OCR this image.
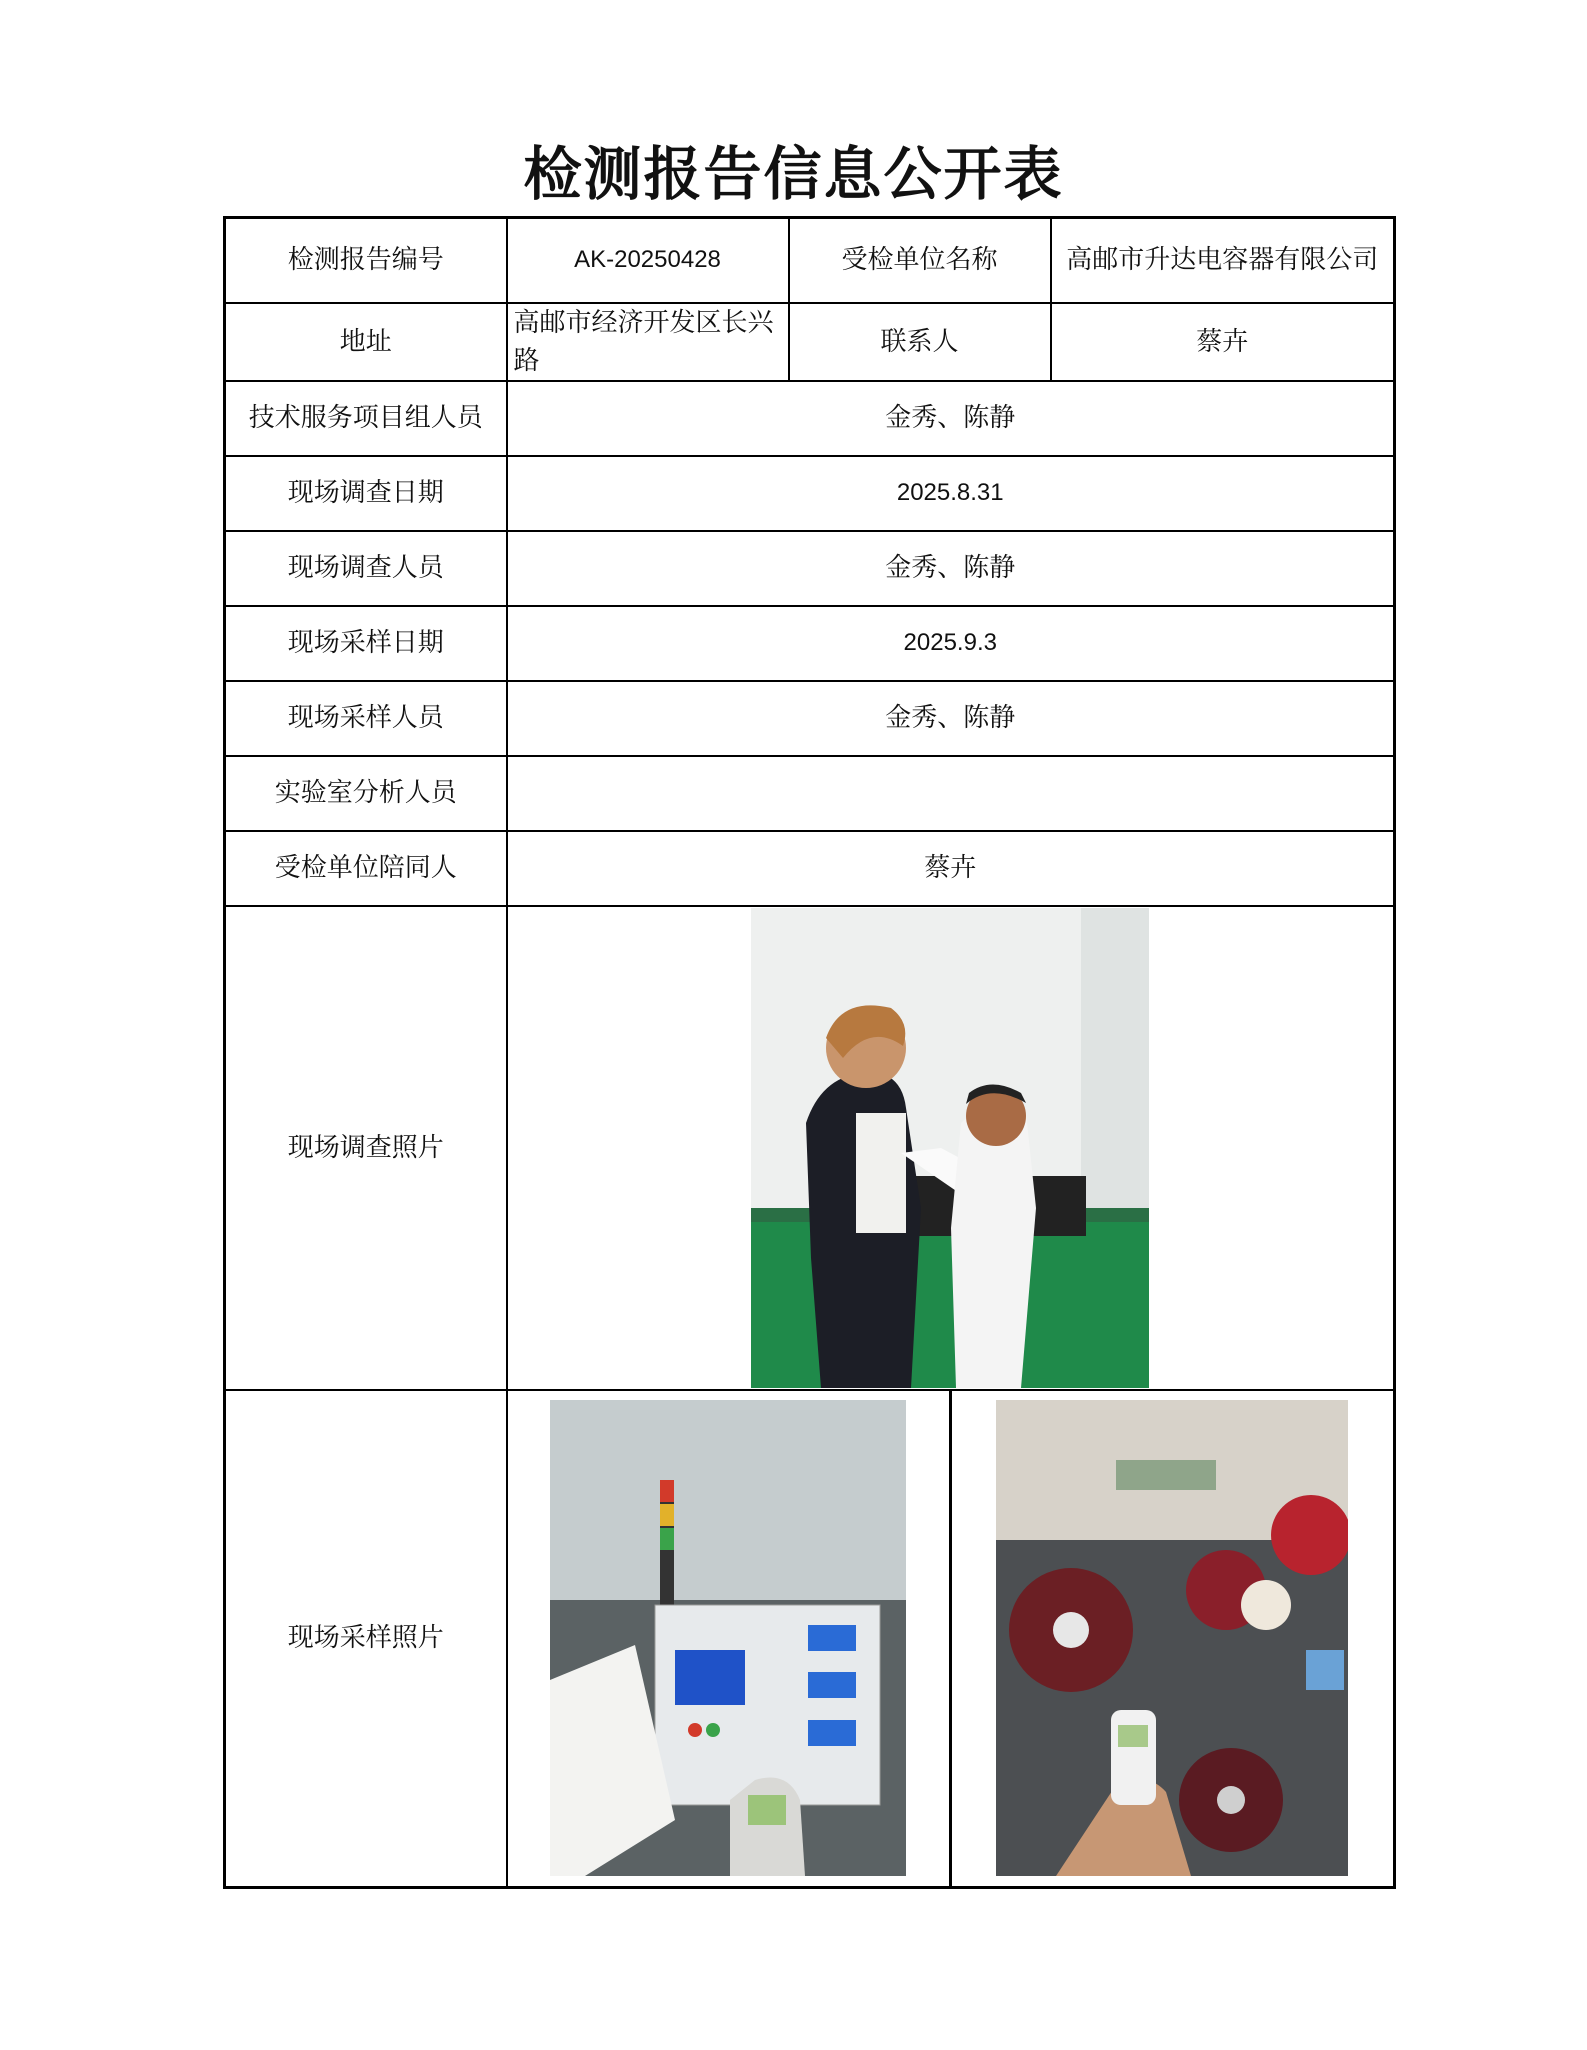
检测报告信息公开表
检测报告编号	AK-20250428	受检单位名称	高邮市升达电容器有限公司
地址	高邮市经济开发区长兴路	联系人	蔡卉
技术服务项目组人员	金秀、陈静		
现场调查日期	2025.8.31		
现场调查人员	金秀、陈静		
现场采样日期	2025.9.3		
现场采样人员	金秀、陈静		
实验室分析人员			
受检单位陪同人	蔡卉		
现场调查照片	

现场采样照片	
